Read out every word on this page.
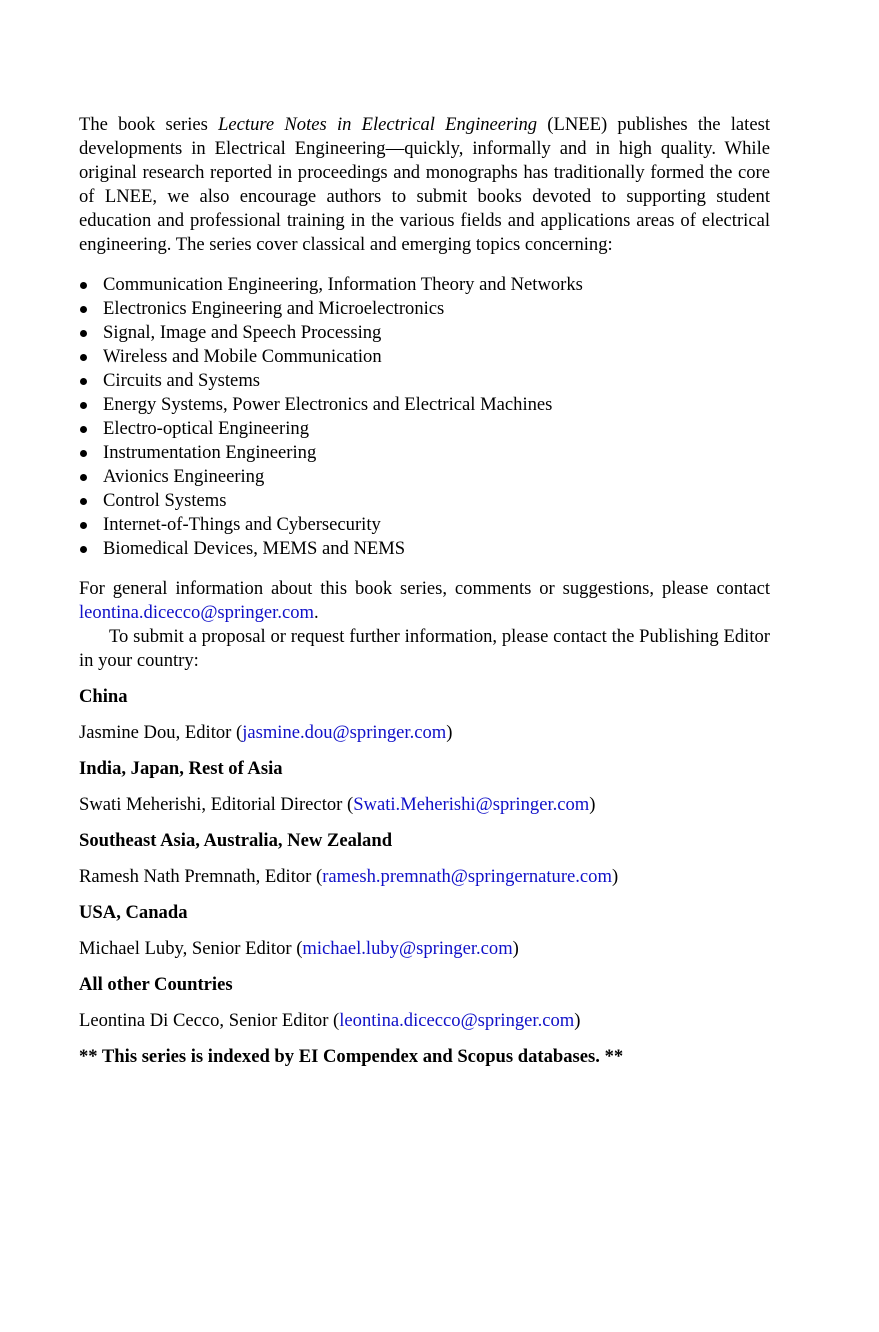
The book series Lecture Notes in Electrical Engineering (LNEE) publishes the latest developments in Electrical Engineering—quickly, informally and in high quality. While original research reported in proceedings and monographs has traditionally formed the core of LNEE, we also encourage authors to submit books devoted to supporting student education and professional training in the various fields and applications areas of electrical engineering. The series cover classical and emerging topics concerning:

Communication Engineering, Information Theory and Networks
Electronics Engineering and Microelectronics
Signal, Image and Speech Processing
Wireless and Mobile Communication
Circuits and Systems
Energy Systems, Power Electronics and Electrical Machines
Electro-optical Engineering
Instrumentation Engineering
Avionics Engineering
Control Systems
Internet-of-Things and Cybersecurity
Biomedical Devices, MEMS and NEMS

For general information about this book series, comments or suggestions, please contact leontina.dicecco@springer.com.

To submit a proposal or request further information, please contact the Publishing Editor in your country:

China

Jasmine Dou, Editor (jasmine.dou@springer.com)

India, Japan, Rest of Asia

Swati Meherishi, Editorial Director (Swati.Meherishi@springer.com)

Southeast Asia, Australia, New Zealand

Ramesh Nath Premnath, Editor (ramesh.premnath@springernature.com)

USA, Canada

Michael Luby, Senior Editor (michael.luby@springer.com)

All other Countries

Leontina Di Cecco, Senior Editor (leontina.dicecco@springer.com)

** This series is indexed by EI Compendex and Scopus databases. **
